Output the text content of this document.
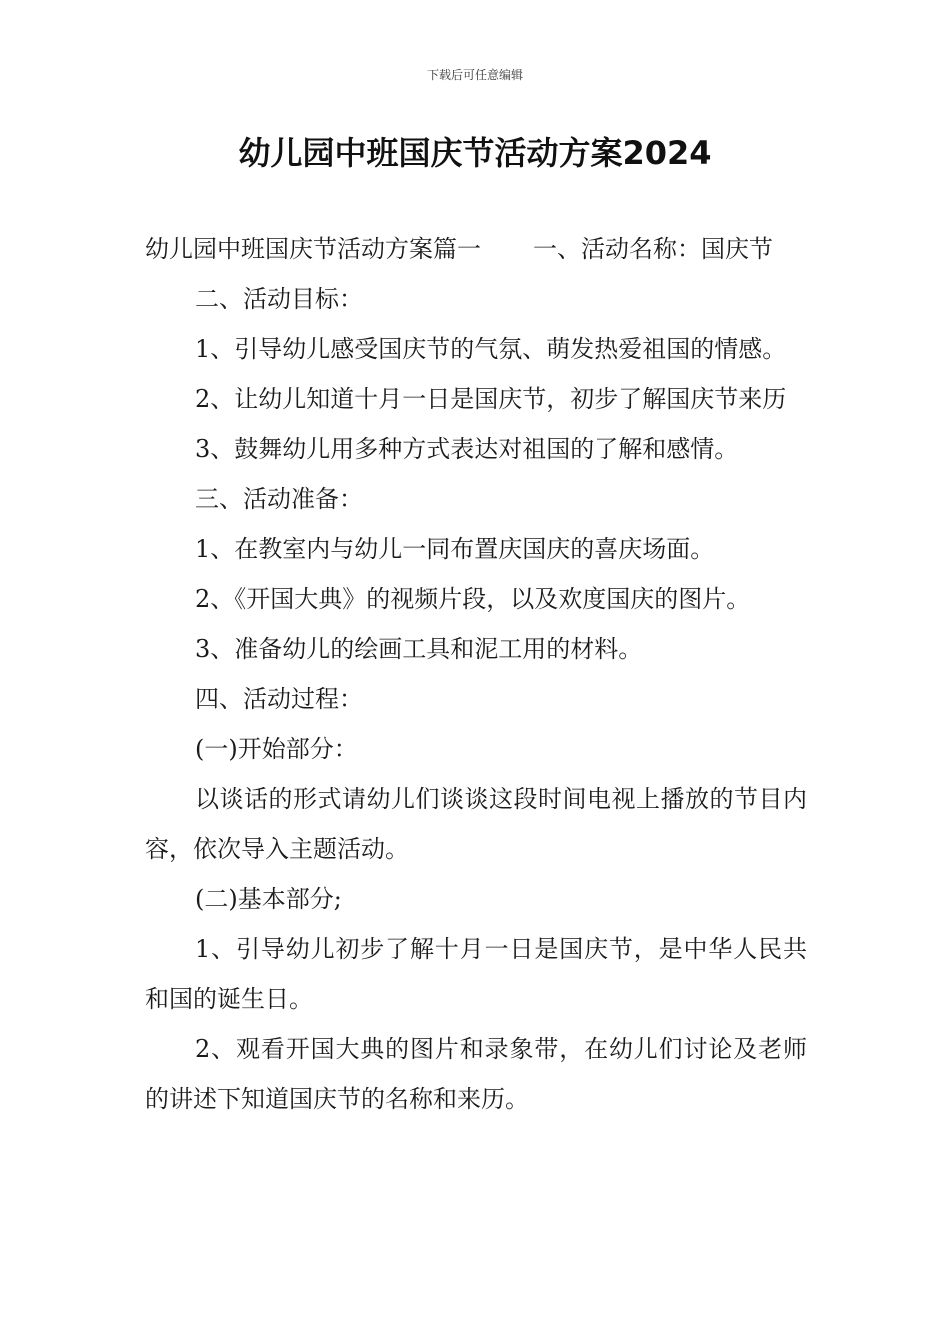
下载后可任意编辑
幼儿园中班国庆节活动方案2024

幼儿园中班国庆节活动方案篇一 一、活动名称：国庆节

二、活动目标：

1、引导幼儿感受国庆节的气氛、萌发热爱祖国的情感。

2、让幼儿知道十月一日是国庆节，初步了解国庆节来历

3、鼓舞幼儿用多种方式表达对祖国的了解和感情。

三、活动准备：

1、在教室内与幼儿一同布置庆国庆的喜庆场面。

2、《开国大典》的视频片段，以及欢度国庆的图片。

3、准备幼儿的绘画工具和泥工用的材料。

四、活动过程：

(一)开始部分：

以谈话的形式请幼儿们谈谈这段时间电视上播放的节目内容，依次导入主题活动。

(二)基本部分;

1、引导幼儿初步了解十月一日是国庆节，是中华人民共和国的诞生日。

2、观看开国大典的图片和录象带，在幼儿们讨论及老师的讲述下知道国庆节的名称和来历。
